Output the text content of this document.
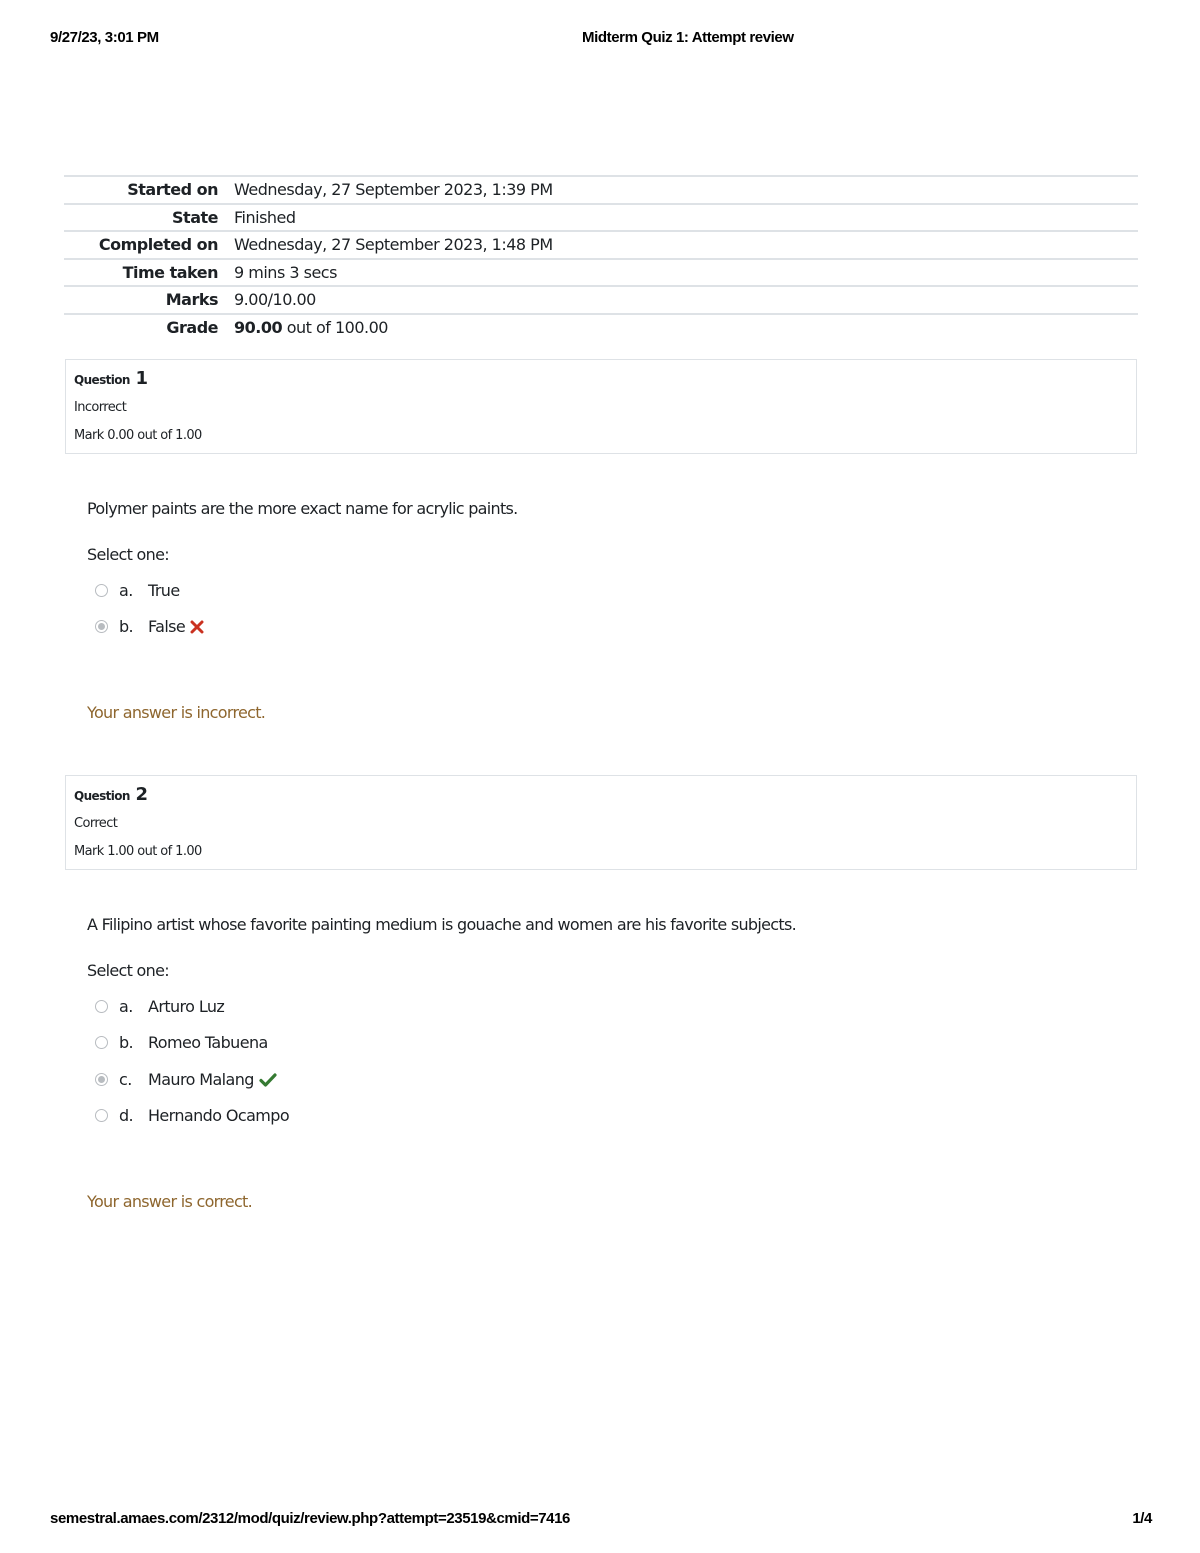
9/27/23, 3:01 PM	Midterm Quiz 1: Attempt review
Started on	Wednesday, 27 September 2023, 1:39 PM
State	Finished
Completed on	Wednesday, 27 September 2023, 1:48 PM
Time taken	9 mins 3 secs
Marks	9.00/10.00
Grade	90.00 out of 100.00
Question 1
Incorrect
Mark 0.00 out of 1.00
Polymer paints are the more exact name for acrylic paints.
Select one:
a. True
b. False
Your answer is incorrect.
Question 2
Correct
Mark 1.00 out of 1.00
A Filipino artist whose favorite painting medium is gouache and women are his favorite subjects.
Select one:
a. Arturo Luz
b. Romeo Tabuena
c. Mauro Malang
d. Hernando Ocampo
Your answer is correct.
semestral.amaes.com/2312/mod/quiz/review.php?attempt=23519&cmid=7416	1/4
